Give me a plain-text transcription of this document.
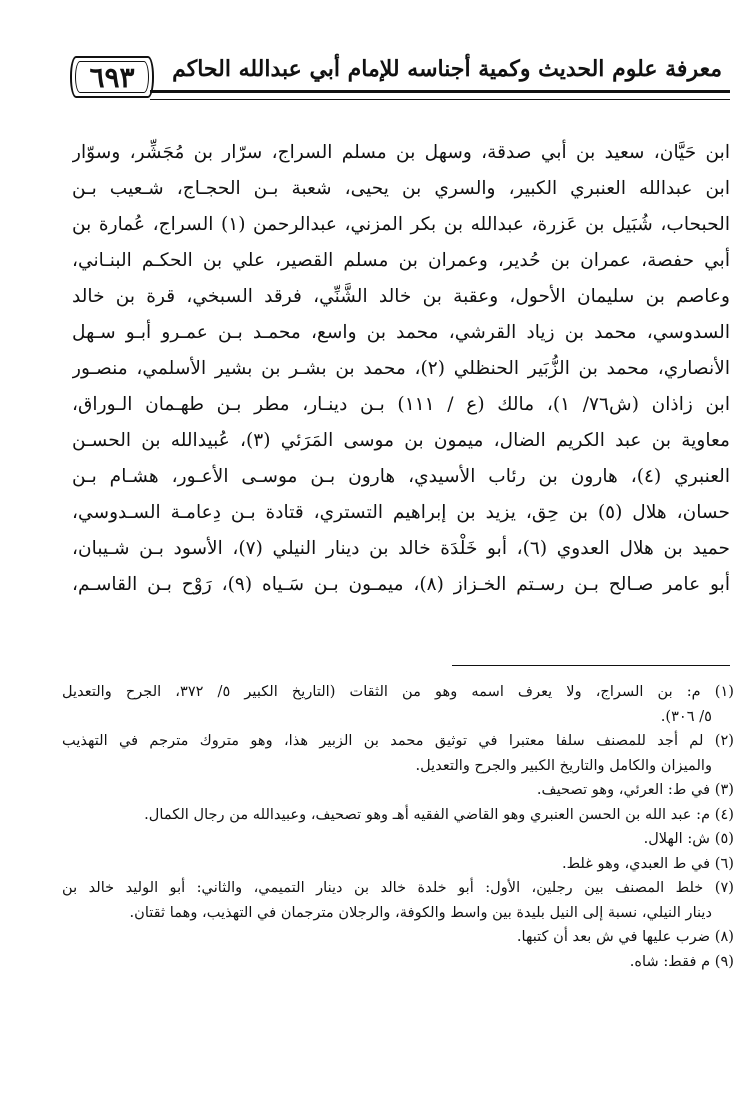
معرفة علوم الحديث وكمية أجناسه للإمام أبي عبدالله الحاكم
٦٩٣
ابن حَيَّان، سعيد بن أبي صدقة، وسهل بن مسلم السراج، سرّار بن مُجَشِّر، وسوّار
ابن عبدالله العنبري الكبير، والسري بن يحيى، شعبة بـن الحجـاج، شـعيب بـن
الحبحاب، شُبَيل بن عَزرة، عبدالله بن بكر المزني، عبدالرحمن (١) السراج، عُمارة بن
أبي حفصة، عمران بن حُدير، وعمران بن مسلم القصير، علي بن الحكـم البنـاني،
وعاصم بن سليمان الأحول، وعقبة بن خالد الشَّنِّي، فرقد السبخي، قرة بن خالد
السدوسي، محمد بن زياد القرشي، محمد بن واسع، محمـد بـن عمـرو أبـو سـهل
الأنصاري، محمد بن الزُّبَير الحنظلي (٢)، محمد بن بشـر بن بشير الأسلمي، منصـور
ابن زاذان (ش٧٦/ ١)، مالك (ع / ١١١) بـن دينـار، مطر بـن طهـمان الـوراق،
معاوية بن عبد الكريم الضال، ميمون بن موسى المَرَئي (٣)، عُبيدالله بن الحسـن
العنبري (٤)، هارون بن رئاب الأسيدي، هارون بـن موسـى الأعـور، هشـام بـن
حسان، هلال (٥) بن حِق، يزيد بن إبراهيم التستري، قتادة بـن دِعامـة السـدوسي،
حميد بن هلال العدوي (٦)، أبو خَلْدَة خالد بن دينار النيلي (٧)، الأسود بـن شـيبان،
أبو عامر صـالح بـن رسـتم الخـزاز (٨)، ميمـون بـن سَـياه (٩)، رَوْح بـن القاسـم،
(١) م: بن السراج، ولا يعرف اسمه وهو من الثقات (التاريخ الكبير ٥/ ٣٧٢، الجرح والتعديل
٥/ ٣٠٦).
(٢) لم أجد للمصنف سلفا معتبرا في توثيق محمد بن الزبير هذا، وهو متروك مترجم في التهذيب
والميزان والكامل والتاريخ الكبير والجرح والتعديل.
(٣) في ط: العرئي، وهو تصحيف.
(٤) م: عبد الله بن الحسن العنبري وهو القاضي الفقيه أهـ وهو تصحيف، وعبيدالله من رجال الكمال.
(٥) ش: الهلال.
(٦) في ط العبدي، وهو غلط.
(٧) خلط المصنف بين رجلين، الأول: أبو خلدة خالد بن دينار التميمي، والثاني: أبو الوليد خالد بن
دينار النيلي، نسبة إلى النيل بليدة بين واسط والكوفة، والرجلان مترجمان في التهذيب، وهما ثقتان.
(٨) ضرب عليها في ش بعد أن كتبها.
(٩) م فقط: شاه.
